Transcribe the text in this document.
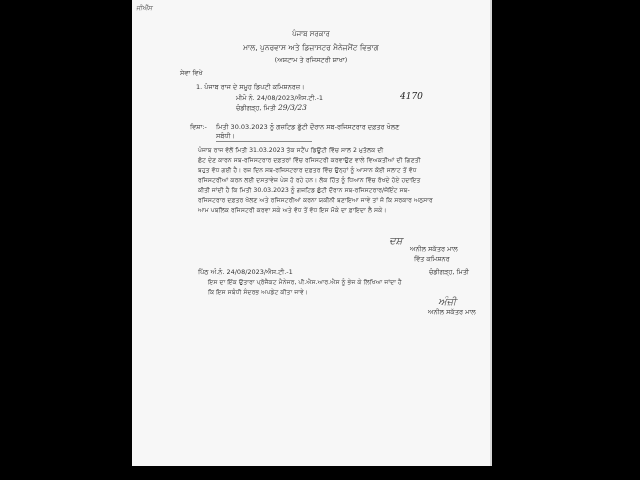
ਜੀਐੱਸ
ਪੰਜਾਬ ਸਰਕਾਰ
ਮਾਲ, ਪੁਨਰਵਾਸ ਅਤੇ ਡਿਜ਼ਾਸਟਰ ਮੈਨੇਜਮੈਂਟ ਵਿਭਾਗ
(ਅਸ਼ਟਾਮ ਤੇ ਰਜਿਸਟਰੀ ਸ਼ਾਖਾ)
ਸੇਵਾ ਵਿਖੇ
1. ਪੰਜਾਬ ਰਾਜ ਦੇ ਸਮੂਹ ਡਿਪਟੀ ਕਮਿਸ਼ਨਰਜ਼।
ਮੀਮੋ ਨੰ. 24/08/2023/ਐਸ.ਟੀ.-1	4170
ਚੰਡੀਗੜ੍ਹ, ਮਿਤੀ 29/3/23
ਵਿਸ਼ਾ:- ਮਿਤੀ 30.03.2023 ਨੂੰ ਗਜ਼ਟਿਡ ਛੁੱਟੀ ਦੌਰਾਨ ਸਬ-ਰਜਿਸਟਰਾਰ ਦਫ਼ਤਰ ਖੋਲਣ
ਸਬੰਧੀ।
ਪੰਜਾਬ ਰਾਜ ਵੱਲੋਂ ਮਿਤੀ 31.03.2023 ਤੱਕ ਸਟੈਂਪ ਡਿਊਟੀ ਵਿੱਚ ਸਾਲ 2 ਮੁਤੱਲਕ ਦੀ
ਛੋਟ ਦੇਣ ਕਾਰਨ ਸਬ-ਰਜਿਸਟਰਾਰ ਦਫ਼ਤਰਾਂ ਵਿੱਚ ਰਜਿਸਟਰੀ ਕਰਵਾਉਣ ਵਾਲੇ ਵਿਅਕਤੀਆਂ ਦੀ ਗਿਣਤੀ
ਬਹੁਤ ਵੱਧ ਗਈ ਹੈ। ਰਜ਼ ਦਿਨ ਸਬ-ਰਜਿਸਟਰਾਰ ਦਫ਼ਤਰ ਵਿੱਚ ਉਨ੍ਹਾਂ ਨੂੰ ਆਸਾਨ ਕੋਈ ਸਲਾਟ ਤੋਂ ਵੱਧ
ਰਜਿਸਟਰੀਆਂ ਕਰਨ ਲਈ ਦਸਤਾਵੇਜ਼ ਪੇਸ਼ ਹੋ ਰਹੇ ਹਨ। ਲੋਕ ਹਿੱਤ ਨੂੰ ਧਿਆਨ ਵਿੱਚ ਰੱਖਦੇ ਹੋਏ ਹਦਾਇਤ
ਕੀਤੀ ਜਾਂਦੀ ਹੈ ਕਿ ਮਿਤੀ 30.03.2023 ਨੂੰ ਗਜ਼ਟਿਡ ਛੁੱਟੀ ਦੌਰਾਨ ਸਬ-ਰਜਿਸਟਰਾਰ/ਜੋਇੰਟ ਸਬ-
ਰਜਿਸਟਰਾਰ ਦਫ਼ਤਰ ਖੋਲਣ ਅਤੇ ਰਜਿਸਟਰੀਆਂ ਕਰਨਾ ਯਕੀਨੀ ਬਣਾਇਆ ਜਾਵੇ ਤਾਂ ਜੋ ਕਿ ਸਰਕਾਰ ਅਨੁਸਾਰ
ਆਮ ਪਬਲਿਕ ਰਜਿਸਟਰੀ ਕਰਵਾ ਸਕੇ ਅਤੇ ਵੱਧ ਤੋਂ ਵੱਧ ਇਸ ਮੌਕੇ ਦਾ ਫ਼ਾਇਦਾ ਲੈ ਸਕੇ।
ਦਸ਼
ਅਨੀਲ ਸਕੱਤਰ ਮਾਲ
ਵਿੱਤ ਕਮਿਸ਼ਨਰ
ਪਿੱਠ ਅੰ.ਨੰ. 24/08/2023/ਐਸ.ਟੀ.-1	ਚੰਡੀਗੜ੍ਹ, ਮਿਤੀ
ਇਸ ਦਾ ਇੱਕ ਉਤਾਰਾ ਪ੍ਰੋਜੈਕਟ ਮੈਨੇਜਰ, ਪੀ.ਐਸ.ਆਰ.ਐਸ ਨੂੰ ਭੇਜ ਕੇ ਲਿਖਿਆ ਜਾਂਦਾ ਹੈ
ਕਿ ਇਸ ਸਬੰਧੀ ਸੰਦਰਭ ਅਪਡੇਟ ਕੀਤਾ ਜਾਵੇ।
ਅੰਜ਼ੀ
ਅਨੀਲ ਸਕੱਤਰ ਮਾਲ
